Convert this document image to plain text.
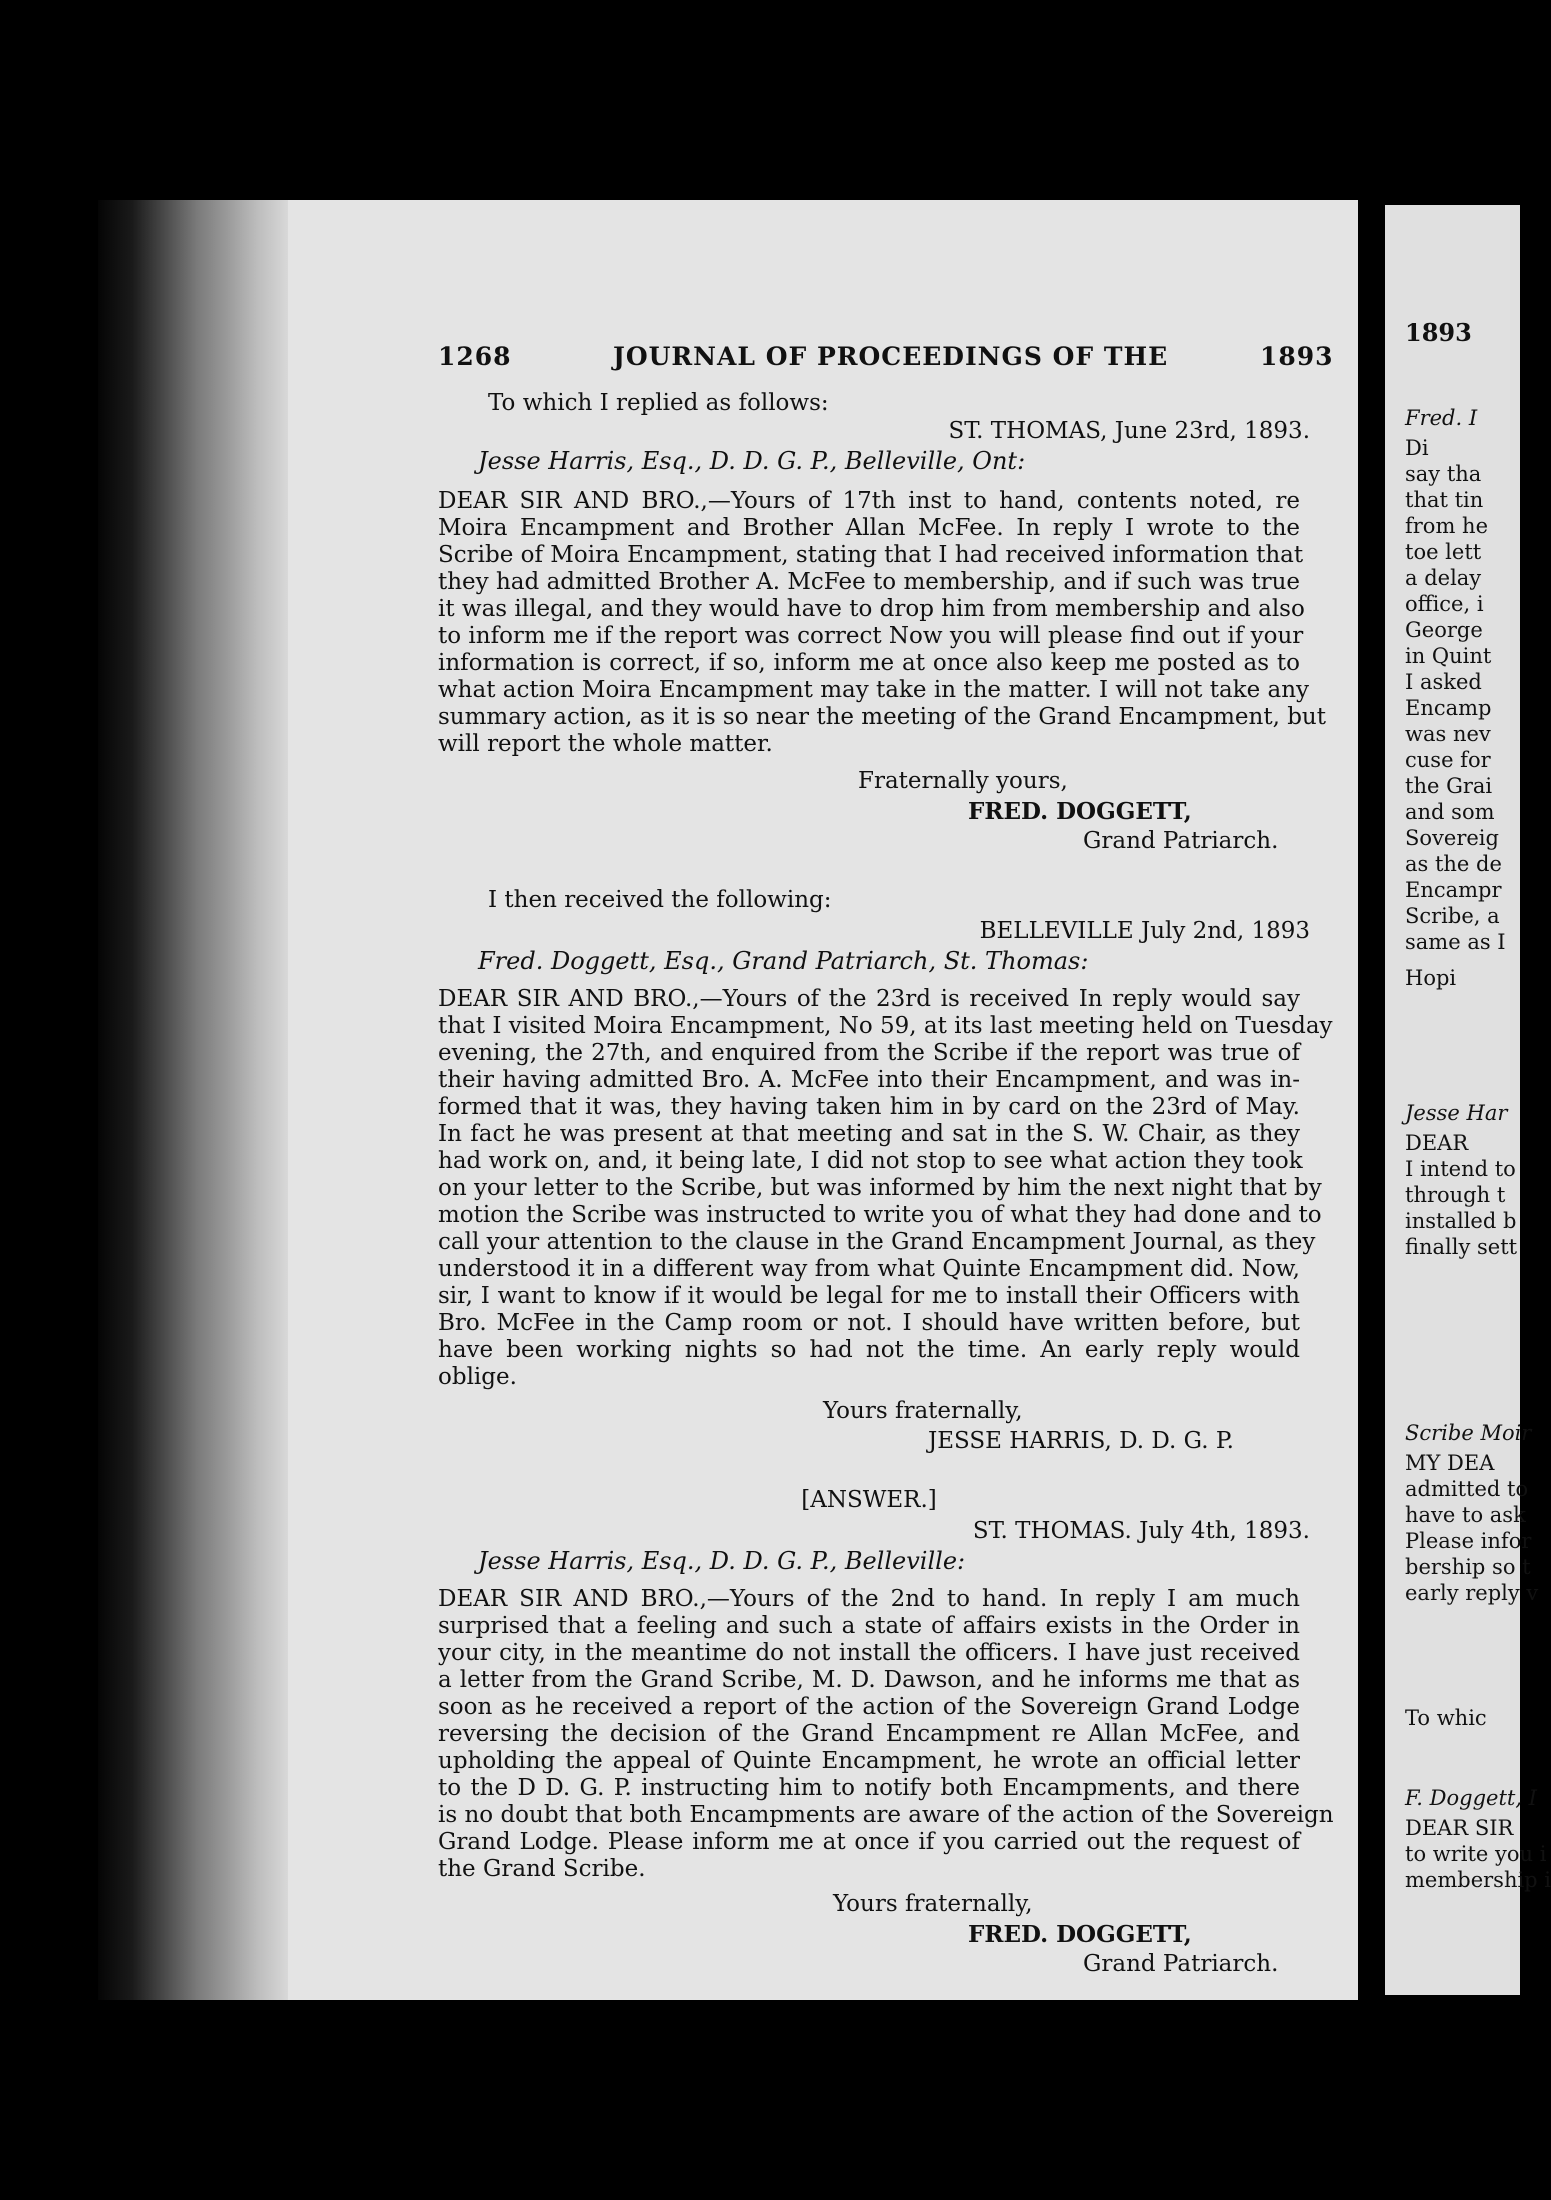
1268	JOURNAL OF PROCEEDINGS OF THE	1893
To which I replied as follows:
ST. THOMAS, June 23rd, 1893.
Jesse Harris, Esq., D. D. G. P., Belleville, Ont:
DEAR SIR AND BRO.,—Yours of 17th inst to hand, contents noted, re
Moira Encampment and Brother Allan McFee. In reply I wrote to the
Scribe of Moira Encampment, stating that I had received information that
they had admitted Brother A. McFee to membership, and if such was true
it was illegal, and they would have to drop him from membership and also
to inform me if the report was correct Now you will please find out if your
information is correct, if so, inform me at once also keep me posted as to
what action Moira Encampment may take in the matter. I will not take any
summary action, as it is so near the meeting of the Grand Encampment, but
will report the whole matter.
Fraternally yours,
FRED. DOGGETT,
Grand Patriarch.
I then received the following:
BELLEVILLE July 2nd, 1893
Fred. Doggett, Esq., Grand Patriarch, St. Thomas:
DEAR SIR AND BRO.,—Yours of the 23rd is received In reply would say
that I visited Moira Encampment, No 59, at its last meeting held on Tuesday
evening, the 27th, and enquired from the Scribe if the report was true of
their having admitted Bro. A. McFee into their Encampment, and was in-
formed that it was, they having taken him in by card on the 23rd of May.
In fact he was present at that meeting and sat in the S. W. Chair, as they
had work on, and, it being late, I did not stop to see what action they took
on your letter to the Scribe, but was informed by him the next night that by
motion the Scribe was instructed to write you of what they had done and to
call your attention to the clause in the Grand Encampment Journal, as they
understood it in a different way from what Quinte Encampment did. Now,
sir, I want to know if it would be legal for me to install their Officers with
Bro. McFee in the Camp room or not. I should have written before, but
have been working nights so had not the time. An early reply would
oblige.
Yours fraternally,
JESSE HARRIS, D. D. G. P.
[ANSWER.]
ST. THOMAS. July 4th, 1893.
Jesse Harris, Esq., D. D. G. P., Belleville:
DEAR SIR AND BRO.,—Yours of the 2nd to hand. In reply I am much
surprised that a feeling and such a state of affairs exists in the Order in
your city, in the meantime do not install the officers. I have just received
a letter from the Grand Scribe, M. D. Dawson, and he informs me that as
soon as he received a report of the action of the Sovereign Grand Lodge
reversing the decision of the Grand Encampment re Allan McFee, and
upholding the appeal of Quinte Encampment, he wrote an official letter
to the D D. G. P. instructing him to notify both Encampments, and there
is no doubt that both Encampments are aware of the action of the Sovereign
Grand Lodge. Please inform me at once if you carried out the request of
the Grand Scribe.
Yours fraternally,
FRED. DOGGETT,
Grand Patriarch.
1893
Fred. I
Di
say tha
that tin
from he
toe lett
a delay
office, i
George
in Quint
I asked
Encamp
was nev
cuse for
the Grai
and som
Sovereig
as the de
Encampr
Scribe, a
same as I
Hopi
Jesse Har
DEAR
I intend to
through t
installed b
finally sett
Scribe Moir
MY DEA
admitted to
have to ask
Please infor
bership so t
early reply v
To whic
F. Doggett, I
DEAR SIR
to write you i
membership i
